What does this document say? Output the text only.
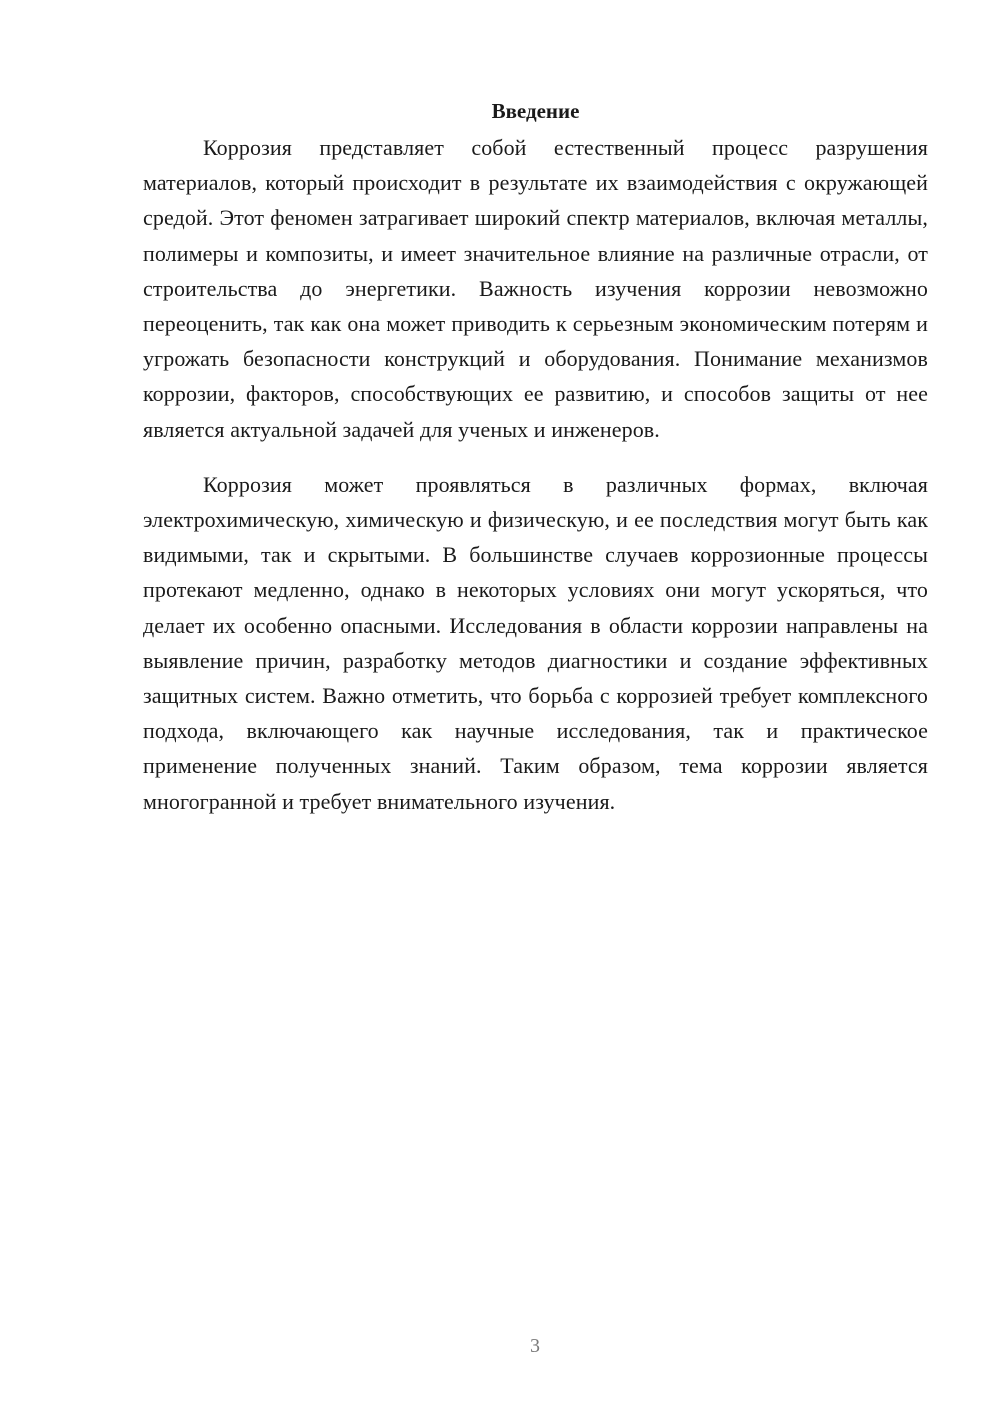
Введение

Коррозия представляет собой естественный процесс разрушения материалов, который происходит в результате их взаимодействия с окружающей средой. Этот феномен затрагивает широкий спектр материалов, включая металлы, полимеры и композиты, и имеет значительное влияние на различные отрасли, от строительства до энергетики. Важность изучения коррозии невозможно переоценить, так как она может приводить к серьезным экономическим потерям и угрожать безопасности конструкций и оборудования. Понимание механизмов коррозии, факторов, способствующих ее развитию, и способов защиты от нее является актуальной задачей для ученых и инженеров.

Коррозия может проявляться в различных формах, включая электрохимическую, химическую и физическую, и ее последствия могут быть как видимыми, так и скрытыми. В большинстве случаев коррозионные процессы протекают медленно, однако в некоторых условиях они могут ускоряться, что делает их особенно опасными. Исследования в области коррозии направлены на выявление причин, разработку методов диагностики и создание эффективных защитных систем. Важно отметить, что борьба с коррозией требует комплексного подхода, включающего как научные исследования, так и практическое применение полученных знаний. Таким образом, тема коррозии является многогранной и требует внимательного изучения.

3
